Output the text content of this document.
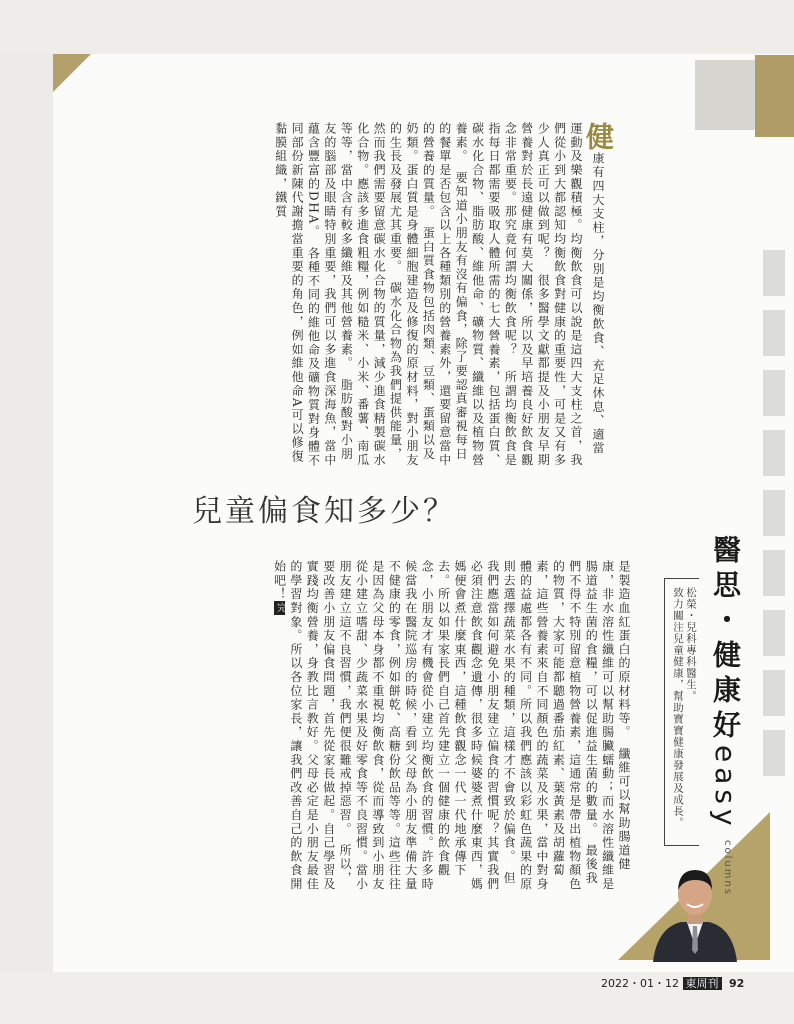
健康有四大支柱，分別是均衡飲食、充足休息、適當運動及樂觀積極。均衡飲食可以說是這四大支柱之首，我們從小到大都認知均衡飲食對健康的重要性，可是又有多少人真正可以做到呢？　很多醫學文獻都提及小朋友早期營養對於長遠健康有莫大關係，所以及早培養良好飲食觀念非常重要。那究竟何謂均衡飲食呢？　所謂均衡飲食是指每日都需要吸取人體所需的七大營養素，包括蛋白質、碳水化合物、脂肪酸、維他命、礦物質、纖維以及植物營養素。　要知道小朋友有沒有偏食，除了要認真審視每日的餐單是否包含以上各種類別的營養素外，還要留意當中的營養的質量。　蛋白質食物包括肉類、豆類、蛋類以及奶類。蛋白質是身體細胞建造及修復的原材料，對小朋友的生長及發展尤其重要。　碳水化合物為我們提供能量，然而我們需要留意碳水化合物的質量，減少進食精製碳水化合物。應該多進食粗糧，例如糙米、小米、番薯、南瓜等等，當中含有較多纖維及其他營養素。　脂肪酸對小朋友的腦部及眼睛特別重要，我們可以多進食深海魚，當中蘊含豐富的DHA。　各種不同的維他命及礦物質對身體不同部份新陳代謝擔當重要的角色，例如維他命A可以修復黏膜組織，鐵質
兒童偏食知多少？
是製造血紅蛋白的原材料等。　纖維可以幫助腸道健康，非水溶性纖維可以幫助腸臟蠕動；而水溶性纖維是腸道益生菌的食糧，可以促進益生菌的數量。　最後我們不得不特別留意植物營養素，這通常是帶出植物顏色的物質，大家可能都聽過番茄紅素、葉黃素及胡蘿蔔素，這些營養素來自不同顏色的蔬菜及水果，當中對身體的益處都各有不同。所以我們應該以彩虹色蔬果的原則去選擇蔬菜水果的種類，這樣才不會致於偏食。　但我們應當如何避免小朋友建立偏食的習慣呢？其實我們必須注意飲食觀念遺傳，很多時候婆婆煮什麼東西，媽媽便會煮什麼東西，這種飲食觀念一代一代地承傳下去。所以如果家長們自己首先建立一個健康的飲食觀念，小朋友才有機會從小建立均衡飲食的習慣。許多時候當我在醫院巡房的時候，看到父母為小朋友準備大量不健康的零食，例如餅乾、高糖份飲品等等。這些往往是因為父母本身都不重視均衡飲食，從而導致到小朋友從小建立嗜甜、少蔬菜水果及好零食等不良習慣。當小朋友建立這不良習慣，我們便很難戒掉惡習。　所以，要改善小朋友偏食問題，首先從家長做起。自己學習及實踐均衡營養，身教比言教好。父母必定是小朋友最佳的學習對象。所以各位家長，讓我們改善自己的飲食開始吧！完	醫思・健康好easy
松榮・兒科專科醫生。
致力關注兒童健康，幫助寶寶健康發展及成長。
columns
2022・01・12 東周刊 92
